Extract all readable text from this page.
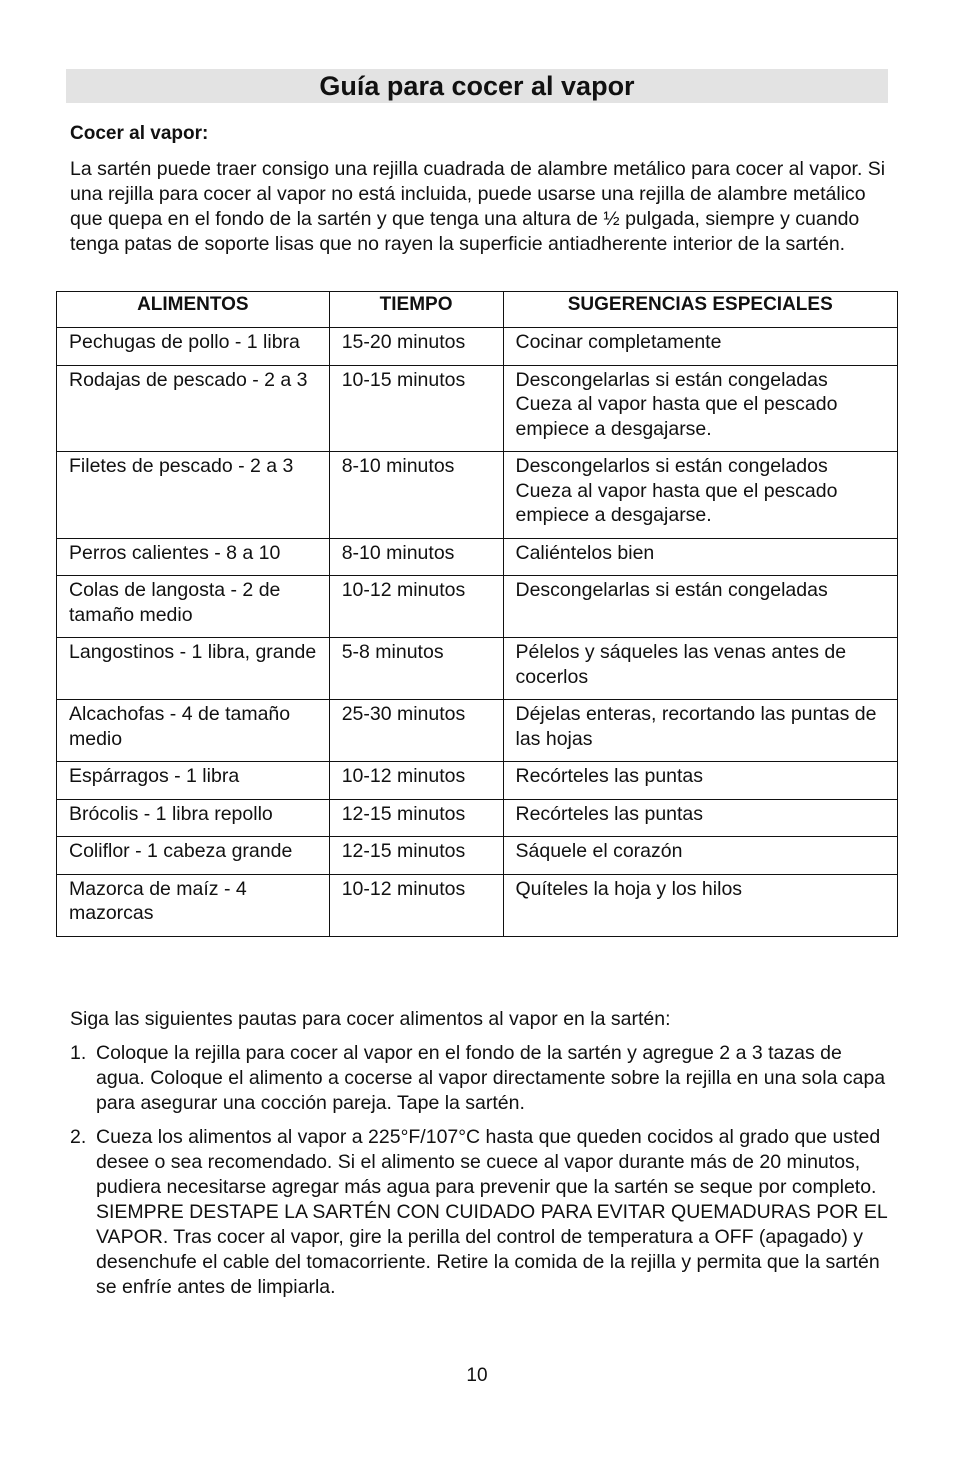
Guía para cocer al vapor
Cocer al vapor:

La sartén puede traer consigo una rejilla cuadrada de alambre metálico para cocer al vapor. Si una rejilla para cocer al vapor no está incluida, puede usarse una rejilla de alambre metálico que quepa en el fondo de la sartén y que tenga una altura de ½ pulgada, siempre y cuando tenga patas de soporte lisas que no rayen la superficie antiadherente interior de la sartén.

ALIMENTOS	TIEMPO	SUGERENCIAS ESPECIALES
Pechugas de pollo - 1 libra	15-20 minutos	Cocinar completamente

Rodajas de pescado - 2 a 3	10-15 minutos	Descongelarlas si están congeladas
Cueza al vapor hasta que el pescado empiece a desgajarse.

Filetes de pescado - 2 a 3	8-10 minutos	Descongelarlos si están congelados
Cueza al vapor hasta que el pescado empiece a desgajarse.

Perros calientes - 8 a 10	8-10 minutos	Caliéntelos bien

Colas de langosta - 2 de tamaño medio	10-12 minutos	Descongelarlas si están congeladas

Langostinos - 1 libra, grande	5-8 minutos	Pélelos y sáqueles las venas antes de cocerlos

Alcachofas - 4 de tamaño medio	25-30 minutos	Déjelas enteras, recortando las puntas de las hojas

Espárragos - 1 libra	10-12 minutos	Recórteles las puntas

Brócolis - 1 libra repollo	12-15 minutos	Recórteles las puntas

Coliflor - 1 cabeza grande	12-15 minutos	Sáquele el corazón

Mazorca de maíz - 4 mazorcas	10-12 minutos	Quíteles la hoja y los hilos

Siga las siguientes pautas para cocer alimentos al vapor en la sartén:

1. Coloque la rejilla para cocer al vapor en el fondo de la sartén y agregue 2 a 3 tazas de agua. Coloque el alimento a cocerse al vapor directamente sobre la rejilla en una sola capa para asegurar una cocción pareja. Tape la sartén.
2. Cueza los alimentos al vapor a 225°F/107°C hasta que queden cocidos al grado que usted desee o sea recomendado. Si el alimento se cuece al vapor durante más de 20 minutos, pudiera necesitarse agregar más agua para prevenir que la sartén se seque por completo. SIEMPRE DESTAPE LA SARTÉN CON CUIDADO PARA EVITAR QUEMADURAS POR EL VAPOR. Tras cocer al vapor, gire la perilla del control de temperatura a OFF (apagado) y desenchufe el cable del tomacorriente. Retire la comida de la rejilla y permita que la sartén se enfríe antes de limpiarla.
10
